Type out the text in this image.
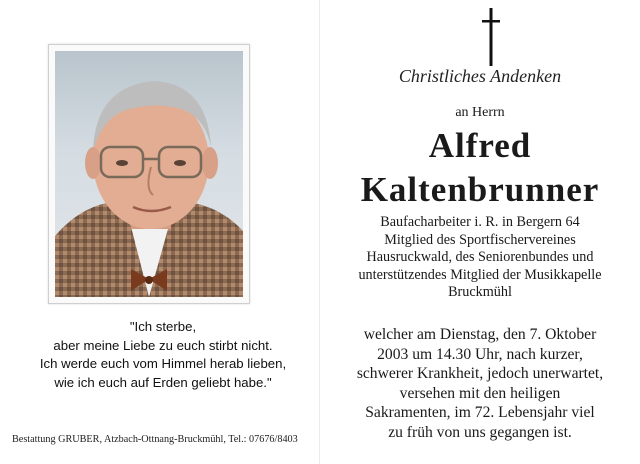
"Ich sterbe,
aber meine Liebe zu euch stirbt nicht.
Ich werde euch vom Himmel herab lieben,
wie ich euch auf Erden geliebt habe."
Bestattung GRUBER, Atzbach-Ottnang-Bruckmühl, Tel.: 07676/8403
Christliches Andenken
an Herrn
Alfred
Kaltenbrunner
Baufacharbeiter i. R. in Bergern 64
Mitglied des Sportfischervereines
Hausruckwald, des Seniorenbundes und
unterstützendes Mitglied der Musikkapelle
Bruckmühl
welcher am Dienstag, den 7. Oktober
2003 um 14.30 Uhr, nach kurzer,
schwerer Krankheit, jedoch unerwartet,
versehen mit den heiligen
Sakramenten, im 72. Lebensjahr viel
zu früh von uns gegangen ist.
